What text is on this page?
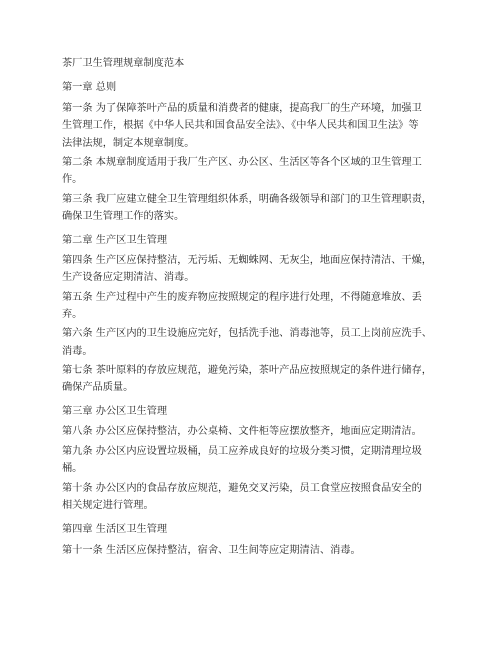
茶厂卫生管理规章制度范本
第一章 总则
第一条 为了保障茶叶产品的质量和消费者的健康，提高我厂的生产环境，加强卫
生管理工作，根据《中华人民共和国食品安全法》、《中华人民共和国卫生法》等
法律法规，制定本规章制度。
第二条 本规章制度适用于我厂生产区、办公区、生活区等各个区域的卫生管理工
作。
第三条 我厂应建立健全卫生管理组织体系，明确各级领导和部门的卫生管理职责，
确保卫生管理工作的落实。
第二章 生产区卫生管理
第四条 生产区应保持整洁，无污垢、无蜘蛛网、无灰尘，地面应保持清洁、干燥，
生产设备应定期清洁、消毒。
第五条 生产过程中产生的废弃物应按照规定的程序进行处理，不得随意堆放、丢
弃。
第六条 生产区内的卫生设施应完好，包括洗手池、消毒池等，员工上岗前应洗手、
消毒。
第七条 茶叶原料的存放应规范，避免污染，茶叶产品应按照规定的条件进行储存，
确保产品质量。
第三章 办公区卫生管理
第八条 办公区应保持整洁，办公桌椅、文件柜等应摆放整齐，地面应定期清洁。
第九条 办公区内应设置垃圾桶，员工应养成良好的垃圾分类习惯，定期清理垃圾
桶。
第十条 办公区内的食品存放应规范，避免交叉污染，员工食堂应按照食品安全的
相关规定进行管理。
第四章 生活区卫生管理
第十一条 生活区应保持整洁，宿舍、卫生间等应定期清洁、消毒。
